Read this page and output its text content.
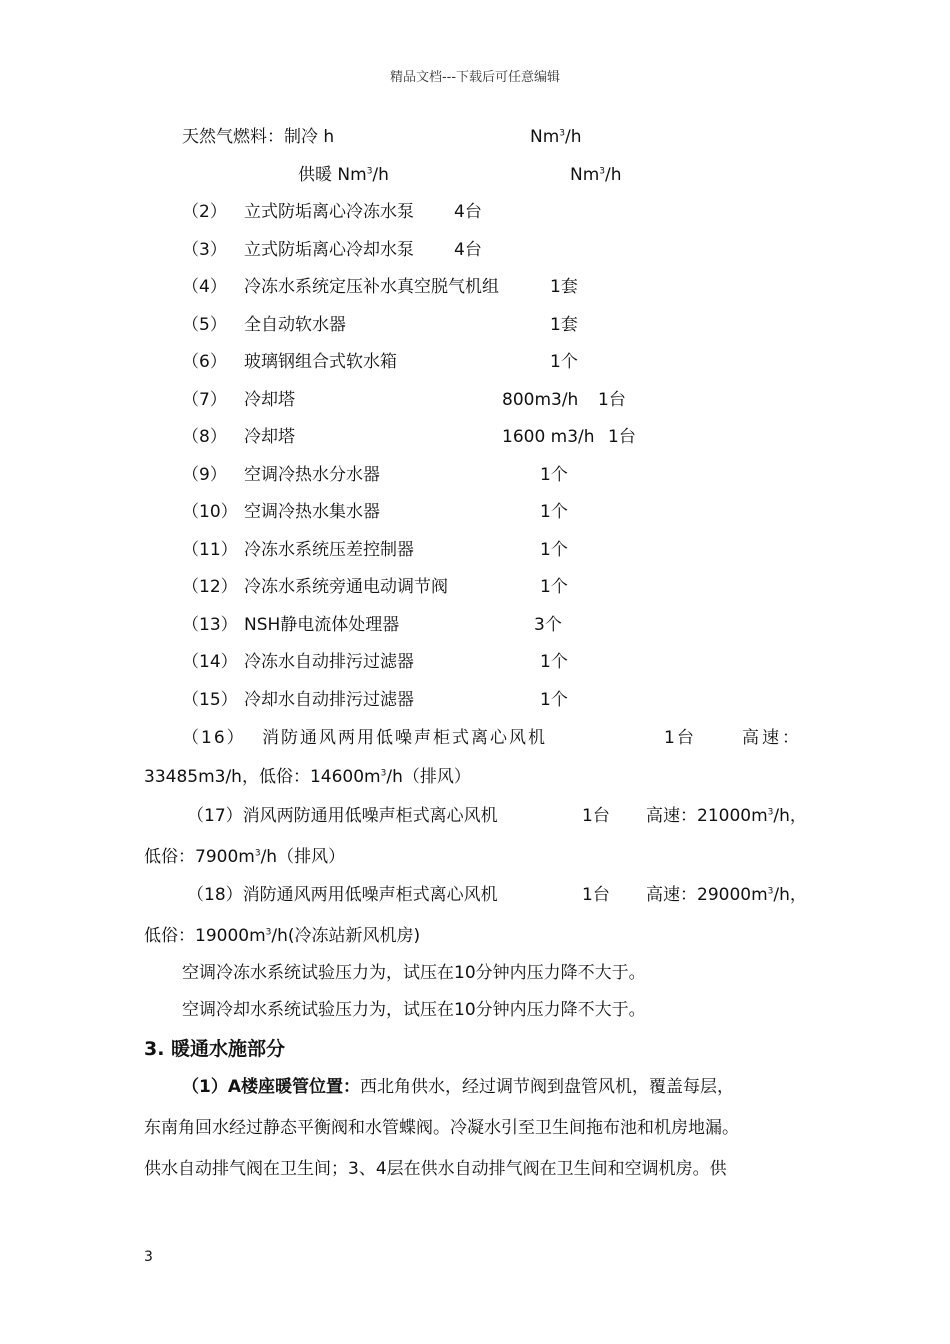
精品文档---下载后可任意编辑
天然气燃料：制冷 h	Nm$^3$/h
供暖 Nm$^3$/h	Nm$^3$/h
（2） 立式防垢离心冷冻水泵 4台
（3） 立式防垢离心冷却水泵 4台
（4） 冷冻水系统定压补水真空脱气机组	1套
（5） 全自动软水器	1套
（6） 玻璃钢组合式软水箱	1个
（7） 冷却塔	800m3/h 1台
（8） 冷却塔	1600 m3/h 1台
（9） 空调冷热水分水器	1个
（10） 空调冷热水集水器	1个
（11） 冷冻水系统压差控制器	1个
（12） 冷冻水系统旁通电动调节阀	1个
（13） NSH静电流体处理器	3个
（14） 冷冻水自动排污过滤器	1个
（15） 冷却水自动排污过滤器	1个
（16） 消防通风两用低噪声柜式离心风机	1台	高速：
33485m3/h，低俗：$14600m^3/h$（排风）
（17）消风两防通用低噪声柜式离心风机	1台 高速：$21000m^3/h$，
低俗：$7900m^3/h$（排风）
（18）消防通风两用低噪声柜式离心风机	1台 高速：$29000m^3/h$，
低俗：$19000m^3/h$(冷冻站新风机房)
空调冷冻水系统试验压力为，试压在10分钟内压力降不大于。
空调冷却水系统试验压力为，试压在10分钟内压力降不大于。
3. 暖通水施部分
（1）A楼座暖管位置：西北角供水，经过调节阀到盘管风机，覆盖每层，
东南角回水经过静态平衡阀和水管蝶阀。冷凝水引至卫生间拖布池和机房地漏。
供水自动排气阀在卫生间；3、4层在供水自动排气阀在卫生间和空调机房。供
3
